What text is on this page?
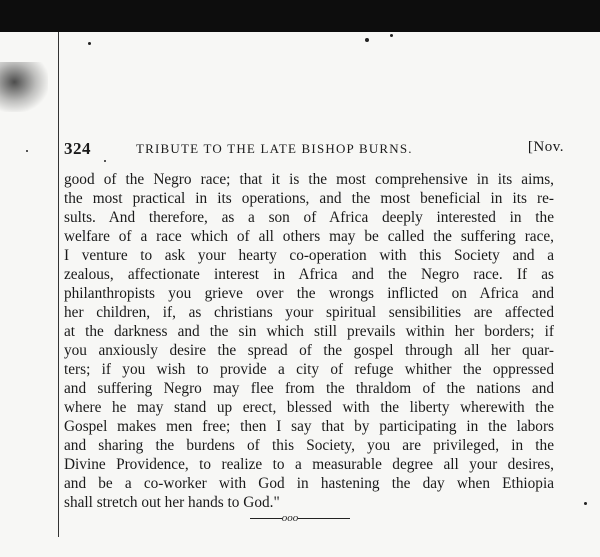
324	TRIBUTE TO THE LATE BISHOP BURNS.	[Nov.
good of the Negro race; that it is the most comprehensive in its aims,
the most practical in its operations, and the most beneficial in its re-
sults. And therefore, as a son of Africa deeply interested in the
welfare of a race which of all others may be called the suffering race,
I venture to ask your hearty co-operation with this Society and a
zealous, affectionate interest in Africa and the Negro race. If as
philanthropists you grieve over the wrongs inflicted on Africa and
her children, if, as christians your spiritual sensibilities are affected
at the darkness and the sin which still prevails within her borders; if
you anxiously desire the spread of the gospel through all her quar-
ters; if you wish to provide a city of refuge whither the oppressed
and suffering Negro may flee from the thraldom of the nations and
where he may stand up erect, blessed with the liberty wherewith the
Gospel makes men free; then I say that by participating in the labors
and sharing the burdens of this Society, you are privileged, in the
Divine Providence, to realize to a measurable degree all your desires,
and be a co-worker with God in hastening the day when Ethiopia
shall stretch out her hands to God."
ooo
